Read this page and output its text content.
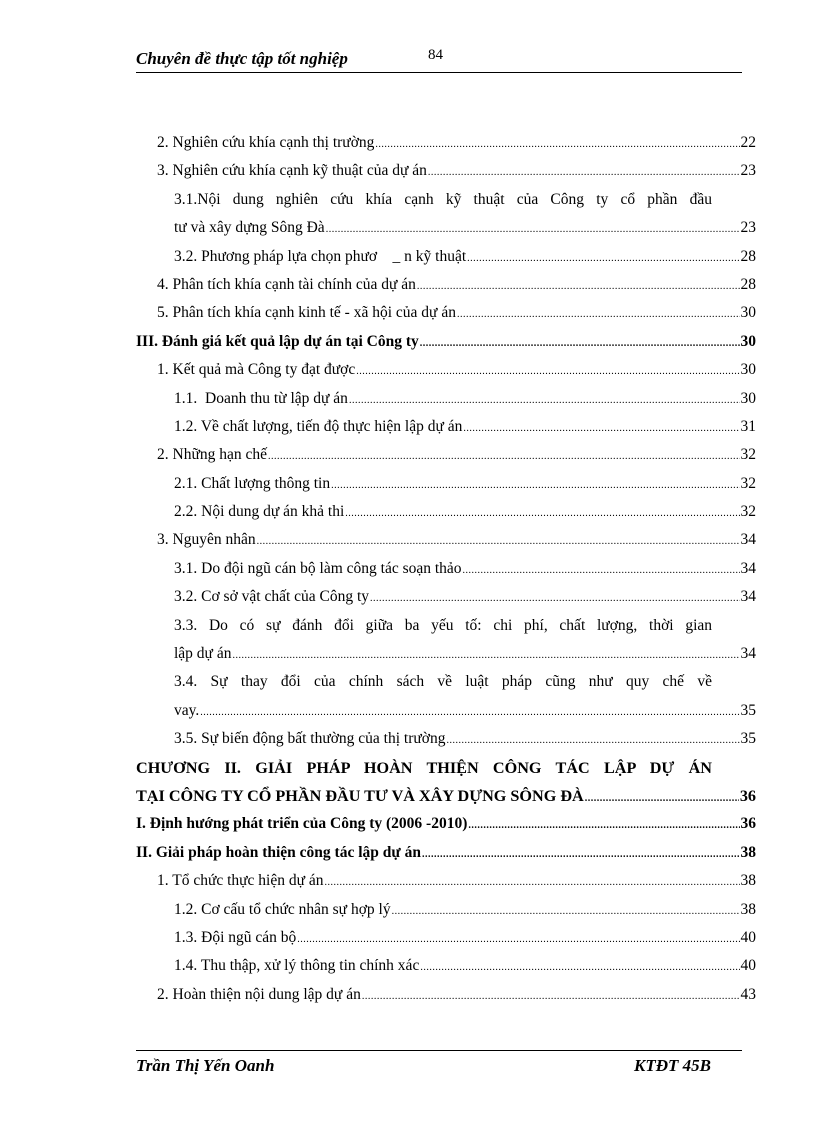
Chuyên đề thực tập tốt nghiệp	84
2. Nghiên cứu khía cạnh thị trường .....	22
3. Nghiên cứu khía cạnh kỹ thuật của dự án .....	23
3.1.Nội dung nghiên cứu khía cạnh kỹ thuật của Công ty cổ phần đầu
tư và xây dựng Sông Đà .....	23
3.2. Phương pháp lựa chọn phươ    _ n kỹ thuật .....	28
4. Phân tích khía cạnh tài chính của dự án .....	28
5. Phân tích khía cạnh kinh tế - xã hội của dự án .....	30
III. Đánh giá kết quả lập dự án tại Công ty .....	30
1. Kết quả mà Công ty đạt được .....	30
1.1.  Doanh thu từ lập dự án .....	30
1.2. Về chất lượng, tiến độ thực hiện lập dự án .....	31
2. Những hạn chế .....	32
2.1. Chất lượng thông tin .....	32
2.2. Nội dung dự án khả thi .....	32
3. Nguyên nhân .....	34
3.1. Do đội ngũ cán bộ làm công tác soạn thảo .....	34
3.2. Cơ sở vật chất của Công ty .....	34
3.3. Do có sự đánh đổi giữa ba yếu tố: chi phí, chất lượng, thời gian
lập dự án .....	34
3.4. Sự thay đổi của chính sách về luật pháp cũng như quy chế về
vay. .....	35
3.5. Sự biến động bất thường của thị trường .....	35
CHƯƠNG II. GIẢI PHÁP HOÀN THIỆN CÔNG TÁC LẬP DỰ ÁN
TẠI CÔNG TY CỔ PHẦN ĐẦU TƯ VÀ XÂY DỰNG SÔNG ĐÀ .....	36
I. Định hướng phát triển của Công ty (2006 -2010) .....	36
II. Giải pháp hoàn thiện công tác lập dự án .....	38
1. Tổ chức thực hiện dự án .....	38
1.2. Cơ cấu tổ chức nhân sự hợp lý .....	38
1.3. Đội ngũ cán bộ .....	40
1.4. Thu thập, xử lý thông tin chính xác .....	40
2. Hoàn thiện nội dung lập dự án .....	43
Trần Thị Yến Oanh	KTĐT 45B
